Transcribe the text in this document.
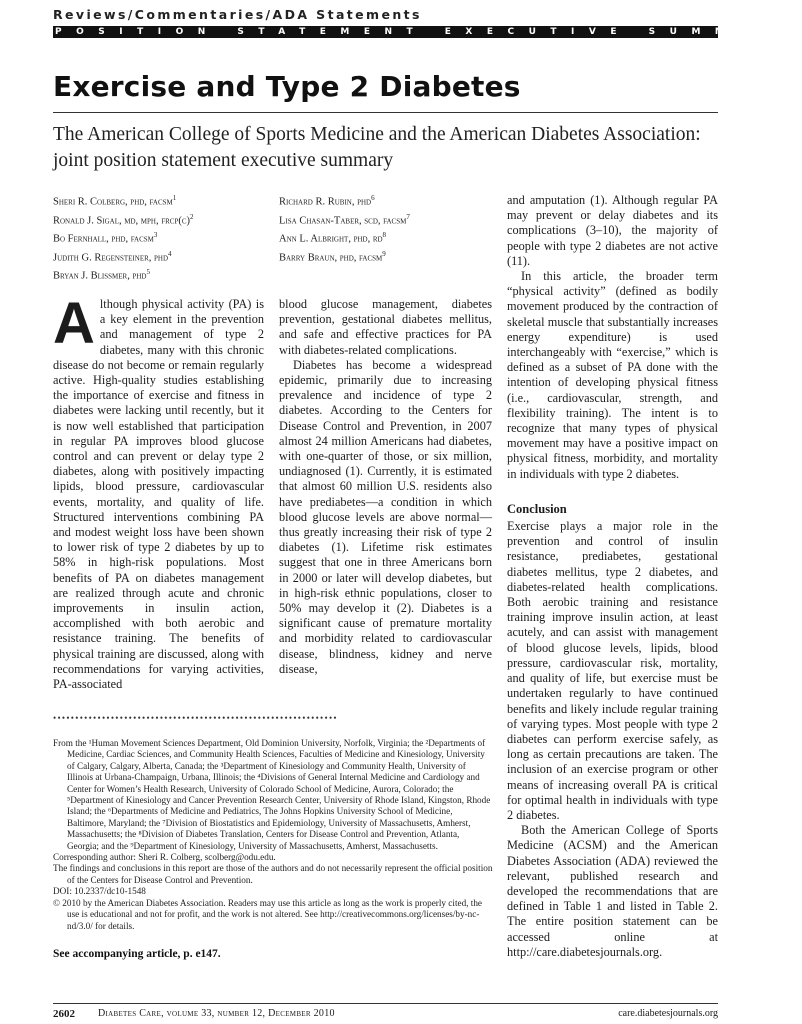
Reviews/Commentaries/ADA Statements
POSITION STATEMENT EXECUTIVE SUMMARY
Exercise and Type 2 Diabetes
The American College of Sports Medicine and the American Diabetes Association: joint position statement executive summary
Sheri R. Colberg, phd, facsm$^1$
Ronald J. Sigal, md, mph, $frcp(c)^2$
Bo Fernhall, phd, facsm$^3$
Judith G. Regensteiner, phd$^4$
Bryan J. Blissmer, phd$^5$
Richard R. Rubin, phd$^6$
Lisa Chasan-Taber, scd, facsm$^7$
Ann L. Albright, phd, $rd^8$
Barry Braun, phd, facsm$^9$

Although physical activity (PA) is a key element in the prevention and management of type 2 diabetes, many with this chronic disease do not become or remain regularly active. High-quality studies establishing the importance of exercise and fitness in diabetes were lacking until recently, but it is now well established that participation in regular PA improves blood glucose control and can prevent or delay type 2 diabetes, along with positively impacting lipids, blood pressure, cardiovascular events, mortality, and quality of life. Structured interventions combining PA and modest weight loss have been shown to lower risk of type 2 diabetes by up to 58% in high-risk populations. Most benefits of PA on diabetes management are realized through acute and chronic improvements in insulin action, accomplished with both aerobic and resistance training. The benefits of physical training are discussed, along with recommendations for varying activities, PA-associated

blood glucose management, diabetes prevention, gestational diabetes mellitus, and safe and effective practices for PA with diabetes-related complications.

Diabetes has become a widespread epidemic, primarily due to increasing prevalence and incidence of type 2 diabetes. According to the Centers for Disease Control and Prevention, in 2007 almost 24 million Americans had diabetes, with one-quarter of those, or six million, undiagnosed (1). Currently, it is estimated that almost 60 million U.S. residents also have prediabetes—a condition in which blood glucose levels are above normal—thus greatly increasing their risk of type 2 diabetes (1). Lifetime risk estimates suggest that one in three Americans born in 2000 or later will develop diabetes, but in high-risk ethnic populations, closer to 50% may develop it (2). Diabetes is a significant cause of premature mortality and morbidity related to cardiovascular disease, blindness, kidney and nerve disease,

and amputation (1). Although regular PA may prevent or delay diabetes and its complications (3–10), the majority of people with type 2 diabetes are not active (11).

In this article, the broader term “physical activity” (defined as bodily movement produced by the contraction of skeletal muscle that substantially increases energy expenditure) is used interchangeably with “exercise,” which is defined as a subset of PA done with the intention of developing physical fitness (i.e., cardiovascular, strength, and flexibility training). The intent is to recognize that many types of physical movement may have a positive impact on physical fitness, morbidity, and mortality in individuals with type 2 diabetes.

Conclusion

Exercise plays a major role in the prevention and control of insulin resistance, prediabetes, gestational diabetes mellitus, type 2 diabetes, and diabetes-related health complications. Both aerobic training and resistance training improve insulin action, at least acutely, and can assist with management of blood glucose levels, lipids, blood pressure, cardiovascular risk, mortality, and quality of life, but exercise must be undertaken regularly to have continued benefits and likely include regular training of varying types. Most people with type 2 diabetes can perform exercise safely, as long as certain precautions are taken. The inclusion of an exercise program or other means of increasing overall PA is critical for optimal health in individuals with type 2 diabetes.

Both the American College of Sports Medicine (ACSM) and the American Diabetes Association (ADA) reviewed the relevant, published research and developed the recommendations that are defined in Table 1 and listed in Table 2. The entire position statement can be accessed online at http://care.diabetesjournals.org.

••••••••••••••••••••••••••••••••••••••••••••••••••••••••••••••••

From the ¹Human Movement Sciences Department, Old Dominion University, Norfolk, Virginia; the ²Departments of Medicine, Cardiac Sciences, and Community Health Sciences, Faculties of Medicine and Kinesiology, University of Calgary, Calgary, Alberta, Canada; the ³Department of Kinesiology and Community Health, University of Illinois at Urbana-Champaign, Urbana, Illinois; the ⁴Divisions of General Internal Medicine and Cardiology and Center for Women’s Health Research, University of Colorado School of Medicine, Aurora, Colorado; the ⁵Department of Kinesiology and Cancer Prevention Research Center, University of Rhode Island, Kingston, Rhode Island; the ⁶Departments of Medicine and Pediatrics, The Johns Hopkins University School of Medicine, Baltimore, Maryland; the ⁷Division of Biostatistics and Epidemiology, University of Massachusetts, Amherst, Massachusetts; the ⁸Division of Diabetes Translation, Centers for Disease Control and Prevention, Atlanta, Georgia; and the ⁹Department of Kinesiology, University of Massachusetts, Amherst, Massachusetts.

Corresponding author: Sheri R. Colberg, scolberg@odu.edu.

The findings and conclusions in this report are those of the authors and do not necessarily represent the official position of the Centers for Disease Control and Prevention.

DOI: 10.2337/dc10-1548

© 2010 by the American Diabetes Association. Readers may use this article as long as the work is properly cited, the use is educational and not for profit, and the work is not altered. See http://creativecommons.org/licenses/by-nc-nd/3.0/ for details.

See accompanying article, p. e147.
2602 Diabetes Care, volume 33, number 12, December 2010	care.diabetesjournals.org
